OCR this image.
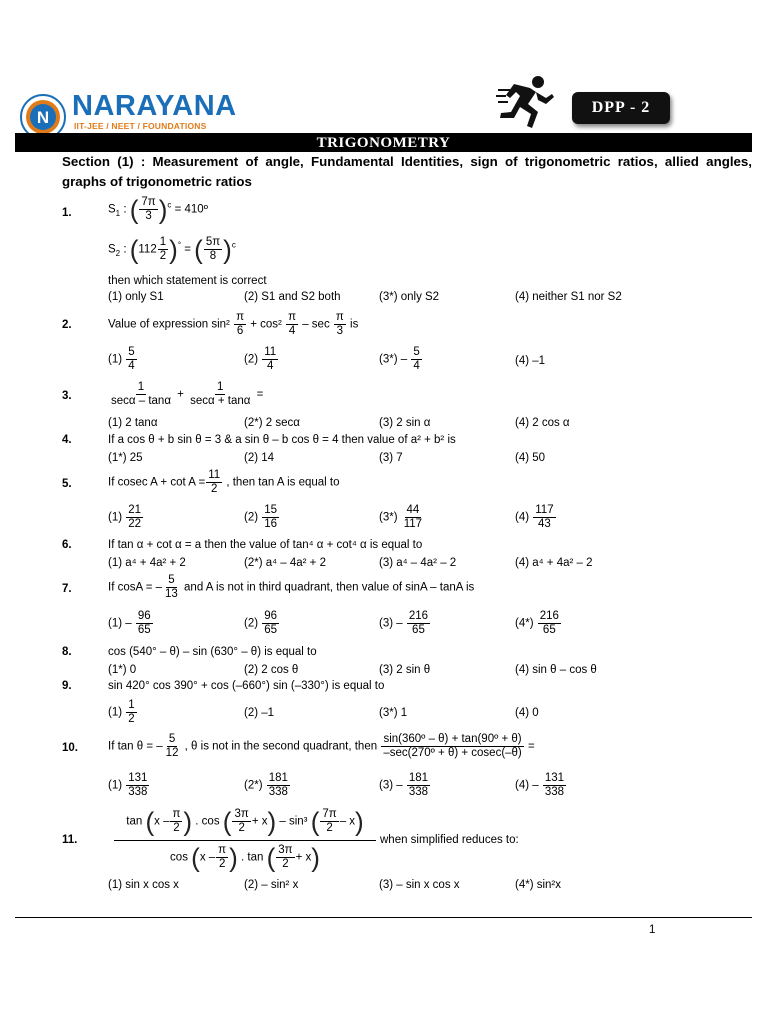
N NARAYANA
IIT-JEE / NEET / FOUNDATIONS
DPP - 2
TRIGONOMETRY
Section (1) : Measurement of angle, Fundamental Identities, sign of trigonometric ratios, allied angles, graphs of trigonometric ratios
1.	$S_1$ : ( $\frac{7\pi}{3} )^c$ = 410º
$S_2$ : $(112 \frac{1}{2} )^\circ$ = ( $\frac{5\pi}{8} )^c$
then which statement is correct
(1) only S1	(2) S1 and S2 both	(3*) only S2	(4) neither S1 nor S2
2.	Value of expression $\sin^2 \frac{\pi}{6} + \cos^2 \frac{\pi}{4} - \sec \frac{\pi}{3}$ is
$(1) \frac{5}{4}$	$(2) \frac{11}{4}$	$(3*) - \frac{5}{4}$	(4) –1
3.	$\frac{1}{\sec\alpha - \tan\alpha} + \frac{1}{\sec\alpha + \tan\alpha}$ =
(1) 2 tanα	(2*) 2 secα	(3) 2 sin α	(4) 2 cos α
4.	If a cos θ + b sin θ = 3 & a sin θ – b cos θ = 4 then value of a² + b² is
(1*) 25	(2) 14	(3) 7	(4) 50
5.	If cosec $A + \cot A = \frac{11}{2}$ , then tan A is equal to
$(1) \frac{21}{22}$	$(2) \frac{15}{16}$	$(3*) \frac{44}{117}$	$(4) \frac{117}{43}$
6.	If tan α + cot α = a then the value of tan⁴ α + cot⁴ α is equal to
(1) a⁴ + 4a² + 2	(2*) a⁴ – 4a² + 2	(3) a⁴ – 4a² – 2	(4) a⁴ + 4a² – 2
7.	If cosA = – $\frac{5}{13}$ and A is not in third quadrant, then value of sinA – tanA is
$(1) - \frac{96}{65}$	$(2) \frac{96}{65}$	$(3) - \frac{216}{65}$	$(4*) \frac{216}{65}$
8.	cos (540° – θ) – sin (630° – θ) is equal to
(1*) 0	(2) 2 cos θ	(3) 2 sin θ	(4) sin θ – cos θ
9.	sin 420° cos 390° + cos (–660°) sin (–330°) is equal to
$(1) \frac{1}{2}$	(2) –1	(3*) 1	(4) 0
10.	If tan θ = – $\frac{5}{12}$ , θ is not in the second quadrant, then $\frac{\text{sin(360º – θ) + tan(90º + θ)}}{\text{–sec(270º + θ) + cosec(–θ)}}$ =
$(1) \frac{131}{338}$	$(2*) \frac{181}{338}$	$(3) - \frac{181}{338}$	$(4) - \frac{131}{338}$
11.
$\tan (x - \frac{\pi}{2}$ ) . cos ( $\frac{3\pi}{2} + x) - \sin^3$ ( $\frac{7\pi}{2} - x$)
$\cos (x - \frac{\pi}{2}$ ) . tan ( $\frac{3\pi}{2} + x$)
when simplified reduces to:
(1) sin x cos x	(2) – sin² x	(3) – sin x cos x	(4*) sin²x
1
